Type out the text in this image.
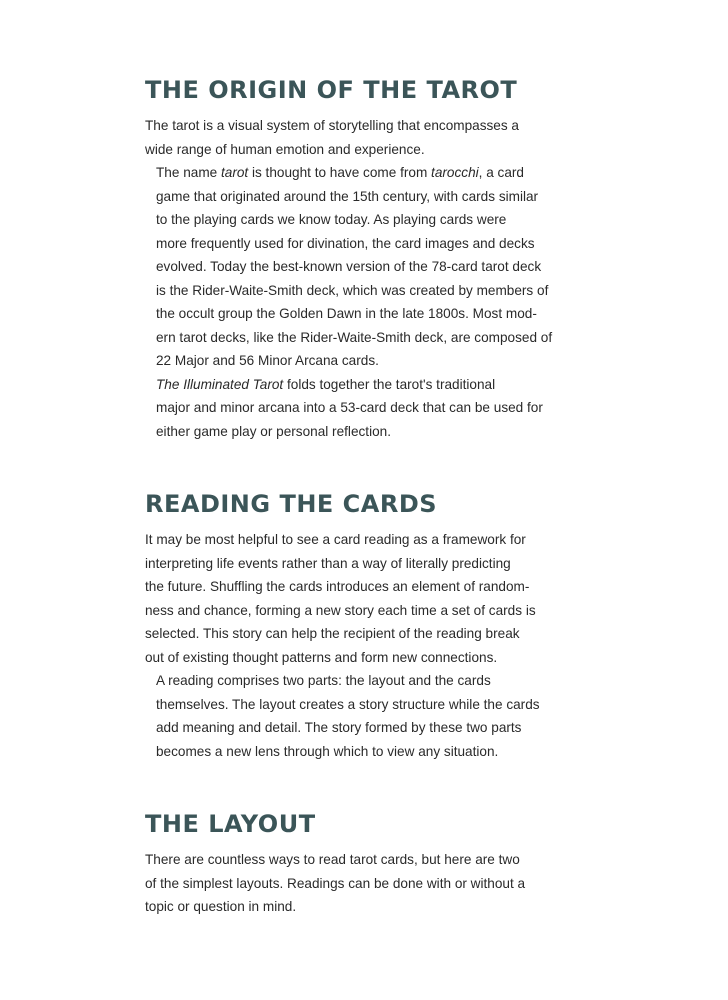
THE ORIGIN OF THE TAROT

The tarot is a visual system of storytelling that encompasses a
wide range of human emotion and experience.

The name tarot is thought to have come from tarocchi, a card
game that originated around the 15th century, with cards similar
to the playing cards we know today. As playing cards were
more frequently used for divination, the card images and decks
evolved. Today the best-known version of the 78-card tarot deck
is the Rider-Waite-Smith deck, which was created by members of
the occult group the Golden Dawn in the late 1800s. Most mod-
ern tarot decks, like the Rider-Waite-Smith deck, are composed of
22 Major and 56 Minor Arcana cards.

The Illuminated Tarot folds together the tarot's traditional
major and minor arcana into a 53-card deck that can be used for
either game play or personal reflection.

READING THE CARDS

It may be most helpful to see a card reading as a framework for
interpreting life events rather than a way of literally predicting
the future. Shuffling the cards introduces an element of random-
ness and chance, forming a new story each time a set of cards is
selected. This story can help the recipient of the reading break
out of existing thought patterns and form new connections.

A reading comprises two parts: the layout and the cards
themselves. The layout creates a story structure while the cards
add meaning and detail. The story formed by these two parts
becomes a new lens through which to view any situation.

THE LAYOUT

There are countless ways to read tarot cards, but here are two
of the simplest layouts. Readings can be done with or without a
topic or question in mind.
